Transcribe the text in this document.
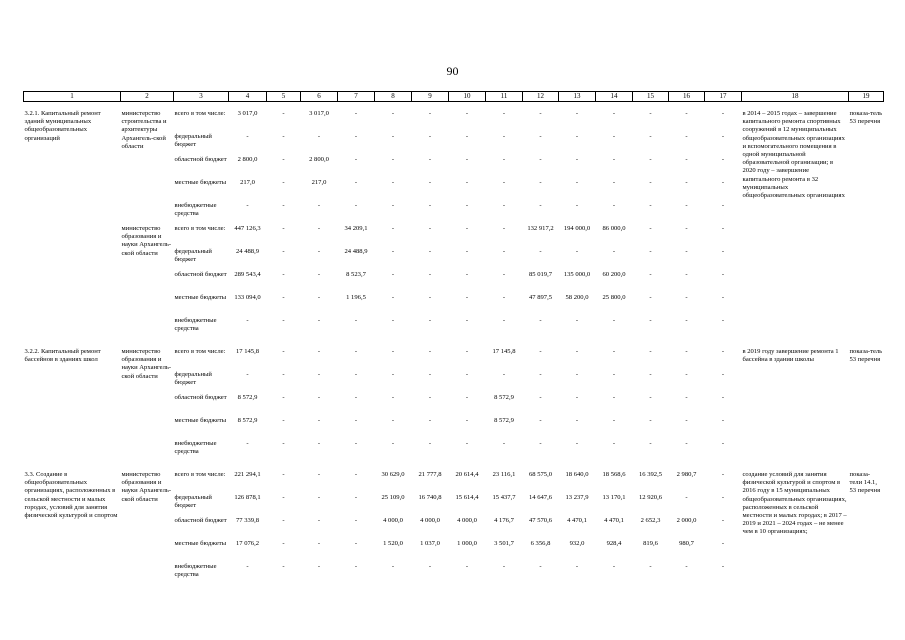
90
1	2	3	4	5	6	7	8	9	10	11	12	13	14	15	16	17	18	19

3.2.1. Капитальный ремонт зданий муниципальных общеобразовательных организаций	министерство строительства и архитектуры Архангель-ской области	всего в том числе:	3 017,0	-	3 017,0	-	-	-	-	-	-	-	-	-	-	-	в 2014 – 2015 годах – завершение капитального ремонта спортивных сооружений в 12 муниципальных общеобразовательных организациях и вспомогательного помещения в одной муниципальной образовательной организации; в 2020 году – завершение капитального ремонта в 32 муниципальных общеобразовательных организациях	показа-тель 53 перечня
		федеральный бюджет	-	-	-	-	-	-	-	-	-	-	-	-	-	-		
		областной бюджет	2 800,0	-	2 800,0	-	-	-	-	-	-	-	-	-	-	-		
		местные бюджеты	217,0	-	217,0	-	-	-	-	-	-	-	-	-	-	-		
		внебюджетные средства	-	-	-	-	-	-	-	-	-	-	-	-	-	-		
	министерство образования и науки Архангель-ской области	всего в том числе:	447 126,3	-	-	34 209,1	-	-	-	-	132 917,2	194 000,0	86 000,0	-	-	-		
		федеральный бюджет	24 488,9	-	-	24 488,9	-	-	-	-	-	-	-	-	-	-		
		областной бюджет	289 543,4	-	-	8 523,7	-	-	-	-	85 019,7	135 000,0	60 200,0	-	-	-		
		местные бюджеты	133 094,0	-	-	1 196,5	-	-	-	-	47 897,5	58 200,0	25 800,0	-	-	-		
		внебюджетные средства	-	-	-	-	-	-	-	-	-	-	-	-	-	-		

3.2.2. Капитальный ремонт бассейнов в зданиях школ	министерство образования и науки Архангель-ской области	всего в том числе:	17 145,8	-	-	-	-	-	-	17 145,8	-	-	-	-	-	-	в 2019 году завершение ремонта 1 бассейна в здании школы	показа-тель 53 перечня
		федеральный бюджет	-	-	-	-	-	-	-	-	-	-	-	-	-	-		
		областной бюджет	8 572,9	-	-	-	-	-	-	8 572,9	-	-	-	-	-	-		
		местные бюджеты	8 572,9	-	-	-	-	-	-	8 572,9	-	-	-	-	-	-		
		внебюджетные средства	-	-	-	-	-	-	-	-	-	-	-	-	-	-		

3.3. Создание в общеобразовательных организациях, расположенных в сельской местности и малых городах, условий для занятия физической культурой и спортом	министерство образования и науки Архангель-ской области	всего в том числе:	221 294,1	-	-	-	30 629,0	21 777,8	20 614,4	23 116,1	68 575,0	18 640,0	18 568,6	16 392,5	2 980,7	-	создание условий для занятия физической культурой и спортом в 2016 году в 15 муниципальных общеобразовательных организациях, расположенных в сельской местности и малых городах; в 2017 – 2019 и 2021 – 2024 годах – не менее чем в 10 организациях;	показа-тели 14.1, 53 перечня
		федеральный бюджет	126 878,1	-	-	-	25 109,0	16 740,8	15 614,4	15 437,7	14 647,6	13 237,9	13 170,1	12 920,6	-	-		
		областной бюджет	77 339,8	-	-	-	4 000,0	4 000,0	4 000,0	4 176,7	47 570,6	4 470,1	4 470,1	2 652,3	2 000,0	-		
		местные бюджеты	17 076,2	-	-	-	1 520,0	1 037,0	1 000,0	3 501,7	6 356,8	932,0	928,4	819,6	980,7	-		
		внебюджетные средства	-	-	-	-	-	-	-	-	-	-	-	-	-	-		
